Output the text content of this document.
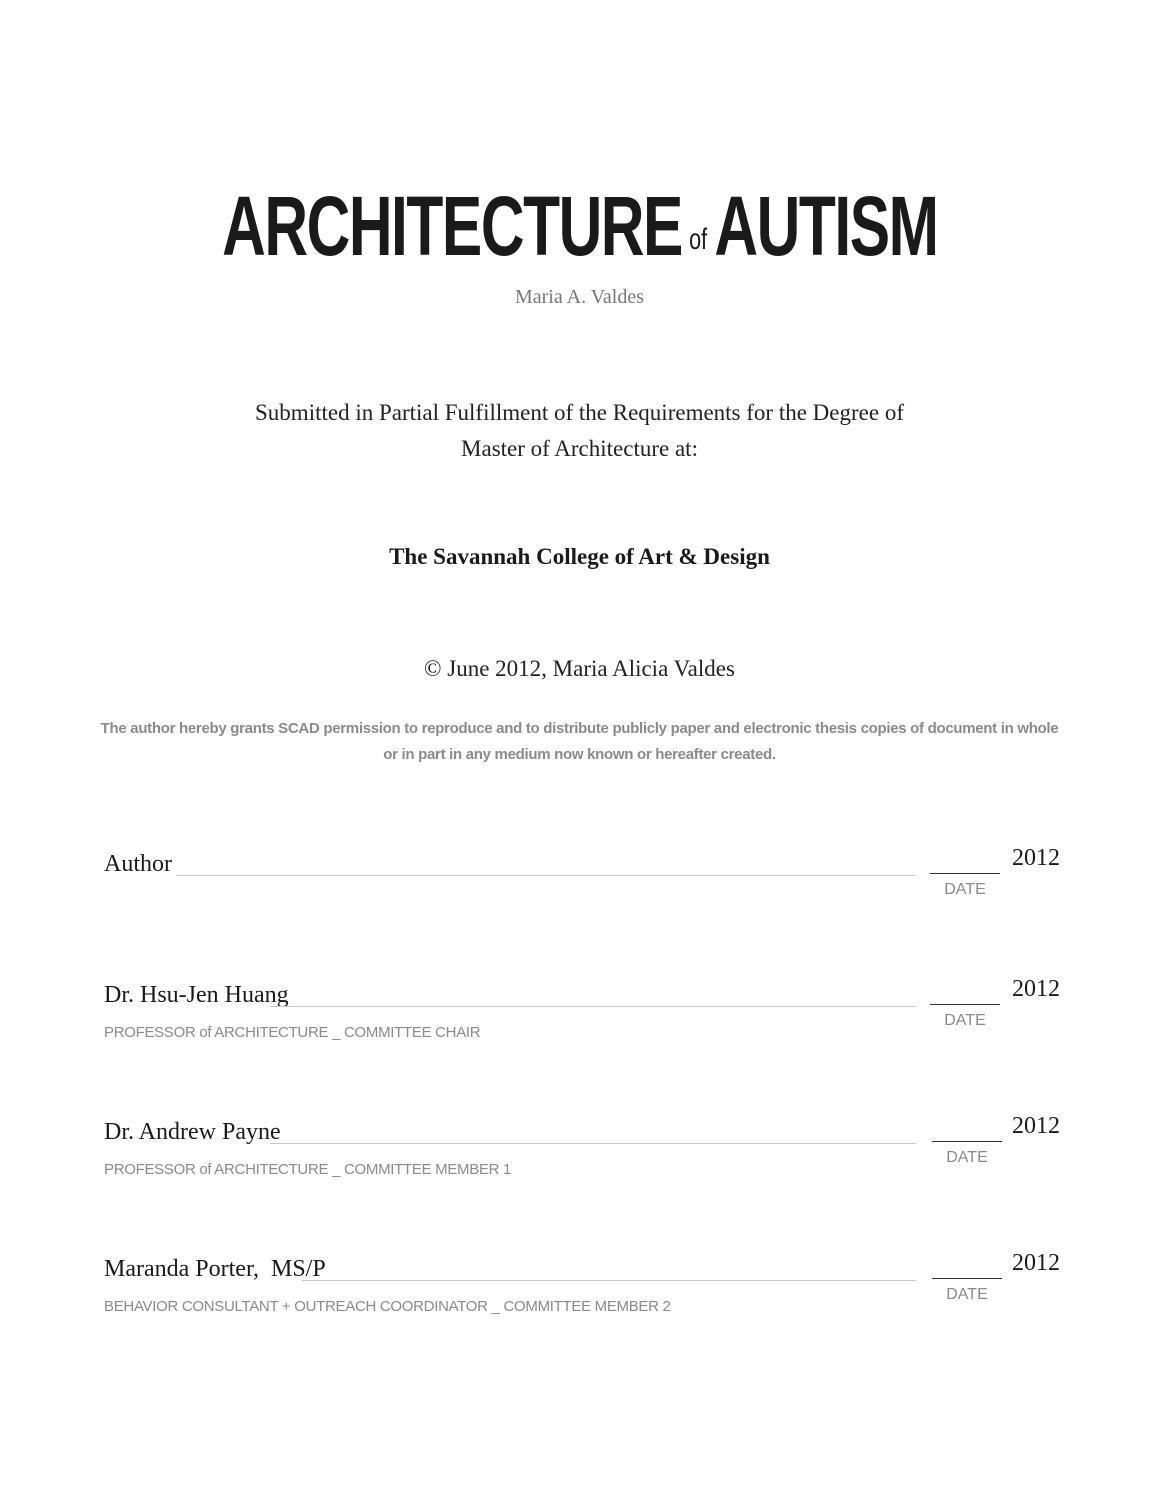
ARCHITECTURE ofAUTISM
Maria A. Valdes
Submitted in Partial Fulfillment of the Requirements for the Degree of
Master of Architecture at:
The Savannah College of Art & Design
© June 2012, Maria Alicia Valdes
The author hereby grants SCAD permission to reproduce and to distribute publicly paper and electronic thesis copies of document in whole or in part in any medium now known or hereafter created.
Author
DATE
2012
Dr. Hsu-Jen Huang
PROFESSOR of ARCHITECTURE _ COMMITTEE CHAIR
DATE
2012
Dr. Andrew Payne
PROFESSOR of ARCHITECTURE _ COMMITTEE MEMBER 1
DATE
2012
Maranda Porter,  MS/P
BEHAVIOR CONSULTANT + OUTREACH COORDINATOR _ COMMITTEE MEMBER 2
DATE
2012
